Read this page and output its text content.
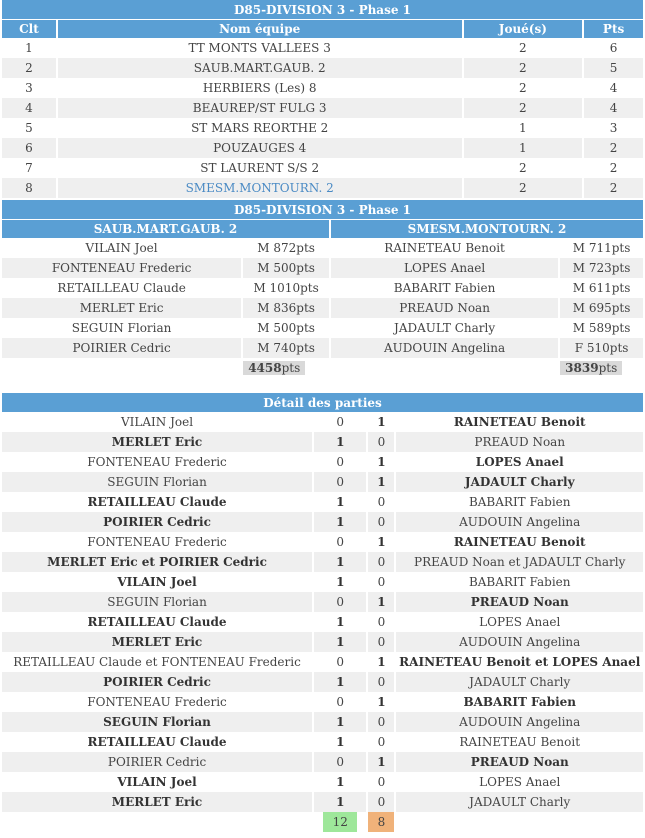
D85-DIVISION 3 - Phase 1			
Clt	Nom équipe	Joué(s)	Pts
1	TT MONTS VALLEES 3	2	6
2	SAUB.MART.GAUB. 2	2	5
3	HERBIERS (Les) 8	2	4
4	BEAUREP/ST FULG 3	2	4
5	ST MARS REORTHE 2	1	3
6	POUZAUGES 4	1	2
7	ST LAURENT S/S 2	2	2
8	SMESM.MONTOURN. 2	2	2
D85-DIVISION 3 - Phase 1			
SAUB.MART.GAUB. 2		SMESM.MONTOURN. 2	
VILAIN Joel	M 872pts	RAINETEAU Benoit	M 711pts
FONTENEAU Frederic	M 500pts	LOPES Anael	M 723pts
RETAILLEAU Claude	M 1010pts	BABARIT Fabien	M 611pts
MERLET Eric	M 836pts	PREAUD Noan	M 695pts
SEGUIN Florian	M 500pts	JADAULT Charly	M 589pts
POIRIER Cedric	M 740pts	AUDOUIN Angelina	F 510pts
	4458pts		3839pts
Détail des parties			
VILAIN Joel	0	1	RAINETEAU Benoit
MERLET Eric	1	0	PREAUD Noan
FONTENEAU Frederic	0	1	LOPES Anael
SEGUIN Florian	0	1	JADAULT Charly
RETAILLEAU Claude	1	0	BABARIT Fabien
POIRIER Cedric	1	0	AUDOUIN Angelina
FONTENEAU Frederic	0	1	RAINETEAU Benoit
MERLET Eric et POIRIER Cedric	1	0	PREAUD Noan et JADAULT Charly
VILAIN Joel	1	0	BABARIT Fabien
SEGUIN Florian	0	1	PREAUD Noan
RETAILLEAU Claude	1	0	LOPES Anael
MERLET Eric	1	0	AUDOUIN Angelina
RETAILLEAU Claude et FONTENEAU Frederic	0	1	RAINETEAU Benoit et LOPES Anael
POIRIER Cedric	1	0	JADAULT Charly
FONTENEAU Frederic	0	1	BABARIT Fabien
SEGUIN Florian	1	0	AUDOUIN Angelina
RETAILLEAU Claude	1	0	RAINETEAU Benoit
POIRIER Cedric	0	1	PREAUD Noan
VILAIN Joel	1	0	LOPES Anael
MERLET Eric	1	0	JADAULT Charly
	12	8	
